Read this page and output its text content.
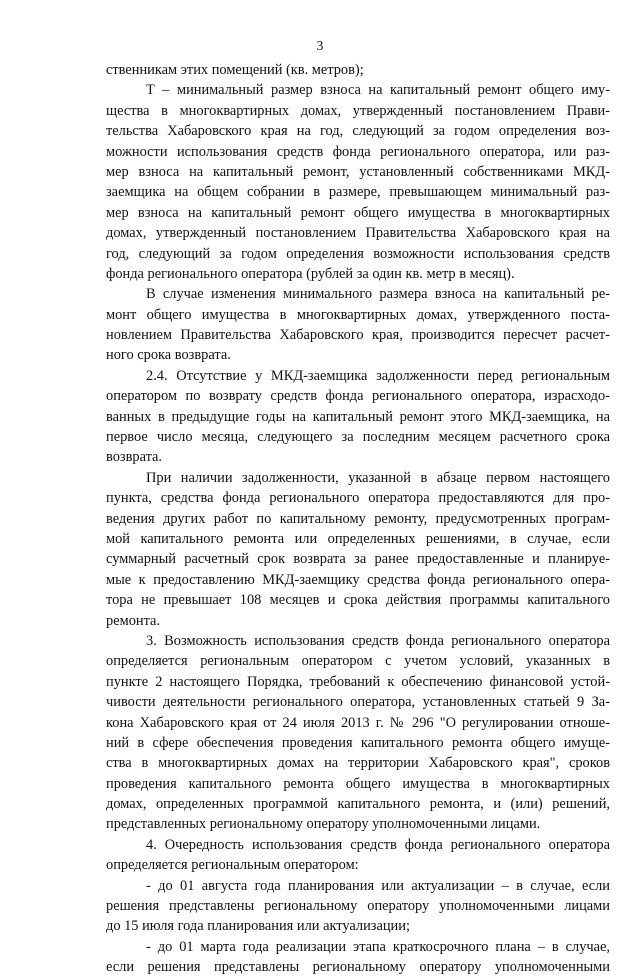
3
ственникам этих помещений (кв. метров);
Т – минимальный размер взноса на капитальный ремонт общего иму-
щества в многоквартирных домах, утвержденный постановлением Прави-
тельства Хабаровского края на год, следующий за годом определения воз-
можности использования средств фонда регионального оператора, или раз-
мер взноса на капитальный ремонт, установленный собственниками МКД-
заемщика на общем собрании в размере, превышающем минимальный раз-
мер взноса на капитальный ремонт общего имущества в многоквартирных
домах, утвержденный постановлением Правительства Хабаровского края на
год, следующий за годом определения возможности использования средств
фонда регионального оператора (рублей за один кв. метр в месяц).
В случае изменения минимального размера взноса на капитальный ре-
монт общего имущества в многоквартирных домах, утвержденного поста-
новлением Правительства Хабаровского края, производится пересчет расчет-
ного срока возврата.
2.4. Отсутствие у МКД-заемщика задолженности перед региональным
оператором по возврату средств фонда регионального оператора, израсходо-
ванных в предыдущие годы на капитальный ремонт этого МКД-заемщика, на
первое число месяца, следующего за последним месяцем расчетного срока
возврата.
При наличии задолженности, указанной в абзаце первом настоящего
пункта, средства фонда регионального оператора предоставляются для про-
ведения других работ по капитальному ремонту, предусмотренных програм-
мой капитального ремонта или определенных решениями, в случае, если
суммарный расчетный срок возврата за ранее предоставленные и планируе-
мые к предоставлению МКД-заемщику средства фонда регионального опера-
тора не превышает 108 месяцев и срока действия программы капитального
ремонта.
3. Возможность использования средств фонда регионального оператора
определяется региональным оператором с учетом условий, указанных в
пункте 2 настоящего Порядка, требований к обеспечению финансовой устой-
чивости деятельности регионального оператора, установленных статьей 9 За-
кона Хабаровского края от 24 июля 2013 г. № 296 "О регулировании отноше-
ний в сфере обеспечения проведения капитального ремонта общего имуще-
ства в многоквартирных домах на территории Хабаровского края", сроков
проведения капитального ремонта общего имущества в многоквартирных
домах, определенных программой капитального ремонта, и (или) решений,
представленных региональному оператору уполномоченными лицами.
4. Очередность использования средств фонда регионального оператора
определяется региональным оператором:
- до 01 августа года планирования или актуализации – в случае, если
решения представлены региональному оператору уполномоченными лицами
до 15 июля года планирования или актуализации;
- до 01 марта года реализации этапа краткосрочного плана – в случае,
если решения представлены региональному оператору уполномоченными
